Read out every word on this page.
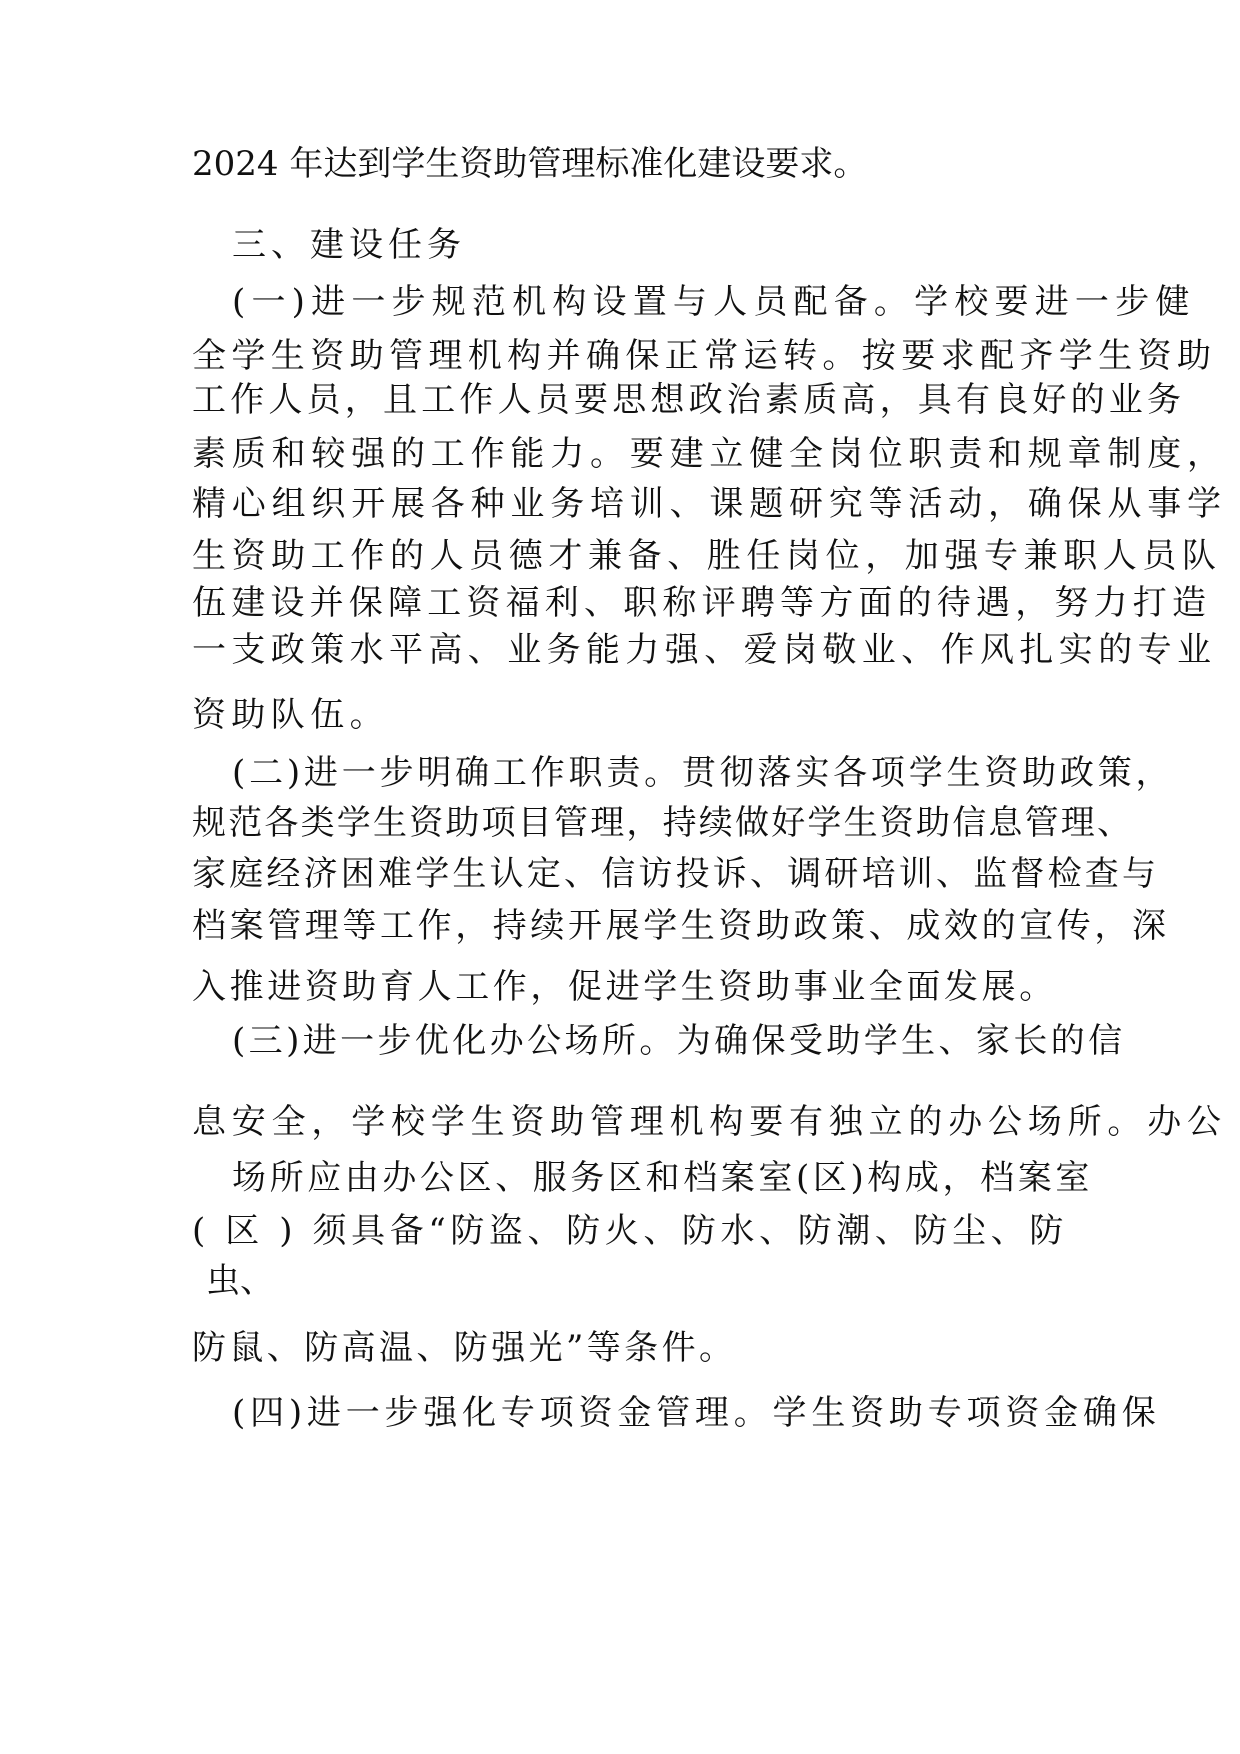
2024 年达到学生资助管理标准化建设要求。
三、建设任务
(一)进一步规范机构设置与人员配备。学校要进一步健
全学生资助管理机构并确保正常运转。按要求配齐学生资助
工作人员，且工作人员要思想政治素质高，具有良好的业务
素质和较强的工作能力。要建立健全岗位职责和规章制度，
精心组织开展各种业务培训、课题研究等活动，确保从事学
生资助工作的人员德才兼备、胜任岗位，加强专兼职人员队
伍建设并保障工资福利、职称评聘等方面的待遇，努力打造
一支政策水平高、业务能力强、爱岗敬业、作风扎实的专业
资助队伍。
(二)进一步明确工作职责。贯彻落实各项学生资助政策，
规范各类学生资助项目管理，持续做好学生资助信息管理、
家庭经济困难学生认定、信访投诉、调研培训、监督检查与
档案管理等工作，持续开展学生资助政策、成效的宣传，深
入推进资助育人工作，促进学生资助事业全面发展。
(三)进一步优化办公场所。为确保受助学生、家长的信
息安全，学校学生资助管理机构要有独立的办公场所。办公
场所应由办公区、服务区和档案室(区)构成，档案室
( 区 ) 须具备“防盗、防火、防水、防潮、防尘、防
虫、
防鼠、防高温、防强光”等条件。
(四)进一步强化专项资金管理。学生资助专项资金确保
